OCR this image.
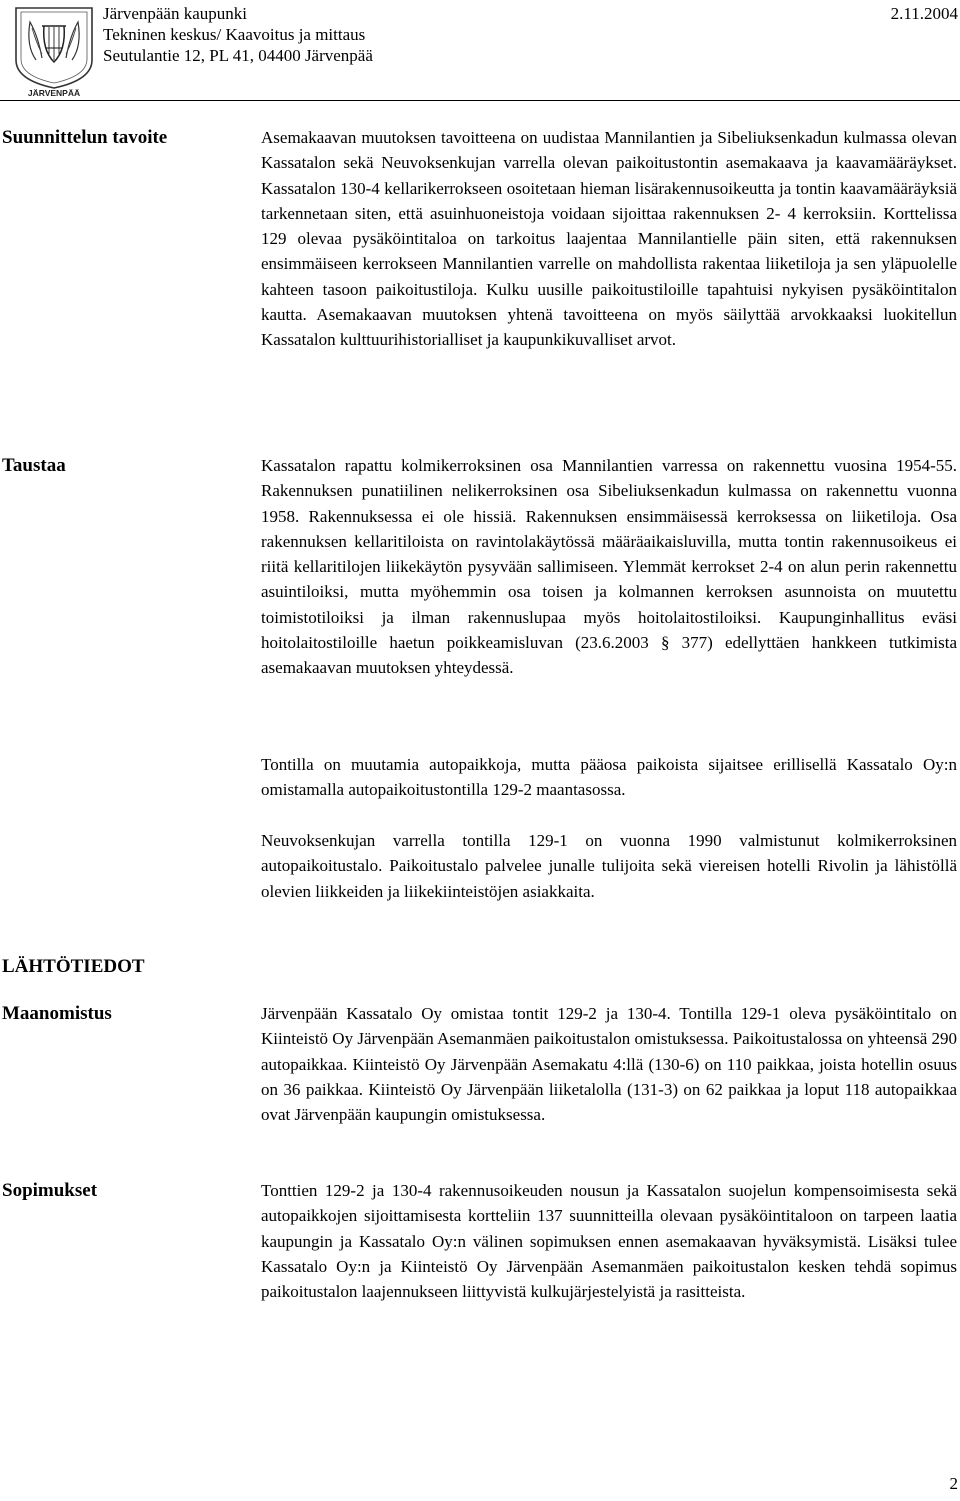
JÄRVENPÄÄ
Järvenpään kaupunki
Tekninen keskus/ Kaavoitus ja mittaus
Seutulantie 12, PL 41, 04400 Järvenpää
2.11.2004
Suunnittelun tavoite	Asemakaavan muutoksen tavoitteena on uudistaa Mannilantien ja Sibeliuksenkadun kulmassa olevan Kassatalon sekä Neuvoksenkujan varrella olevan paikoitustontin asemakaava ja kaavamääräykset. Kassatalon 130-4 kellarikerrokseen osoitetaan hieman lisärakennusoikeutta ja tontin kaavamääräyksiä tarkennetaan siten, että asuinhuoneistoja voidaan sijoittaa rakennuksen 2- 4 kerroksiin. Korttelissa 129 olevaa pysäköintitaloa on tarkoitus laajentaa Mannilantielle päin siten, että rakennuksen ensimmäiseen kerrokseen Mannilantien varrelle on mahdollista rakentaa liiketiloja ja sen yläpuolelle kahteen tasoon paikoitustiloja. Kulku uusille paikoitustiloille tapahtuisi nykyisen pysäköintitalon kautta. Asemakaavan muutoksen yhtenä tavoitteena on myös säilyttää arvokkaaksi luokitellun Kassatalon kulttuurihistorialliset ja kaupunkikuvalliset arvot.

Taustaa	Kassatalon rapattu kolmikerroksinen osa Mannilantien varressa on rakennettu vuosina 1954-55. Rakennuksen punatiilinen nelikerroksinen osa Sibeliuksenkadun kulmassa on rakennettu vuonna 1958. Rakennuksessa ei ole hissiä. Rakennuksen ensimmäisessä kerroksessa on liiketiloja. Osa rakennuksen kellaritiloista on ravintolakäytössä määräaikaisluvilla, mutta tontin rakennusoikeus ei riitä kellaritilojen liikekäytön pysyvään sallimiseen. Ylemmät kerrokset 2-4 on alun perin rakennettu asuintiloiksi, mutta myöhemmin osa toisen ja kolmannen kerroksen asunnoista on muutettu toimistotiloiksi ja ilman rakennuslupaa myös hoitolaitostiloiksi. Kaupunginhallitus eväsi hoitolaitostiloille haetun poikkeamisluvan (23.6.2003 § 377) edellyttäen hankkeen tutkimista asemakaavan muutoksen yhteydessä.

Tontilla on muutamia autopaikkoja, mutta pääosa paikoista sijaitsee erillisellä Kassatalo Oy:n omistamalla autopaikoitustontilla 129-2 maantasossa.

Neuvoksenkujan varrella tontilla 129-1 on vuonna 1990 valmistunut kolmikerroksinen autopaikoitustalo. Paikoitustalo palvelee junalle tulijoita sekä viereisen hotelli Rivolin ja lähistöllä olevien liikkeiden ja liikekiinteistöjen asiakkaita.

LÄHTÖTIEDOT
Maanomistus	Järvenpään Kassatalo Oy omistaa tontit 129-2 ja 130-4. Tontilla 129-1 oleva pysäköintitalo on Kiinteistö Oy Järvenpään Asemanmäen paikoitustalon omistuksessa. Paikoitustalossa on yhteensä 290 autopaikkaa. Kiinteistö Oy Järvenpään Asemakatu 4:llä (130-6) on 110 paikkaa, joista hotellin osuus on 36 paikkaa. Kiinteistö Oy Järvenpään liiketalolla (131-3) on 62 paikkaa ja loput 118 autopaikkaa ovat Järvenpään kaupungin omistuksessa.

Sopimukset	Tonttien 129-2 ja 130-4 rakennusoikeuden nousun ja Kassatalon suojelun kompensoimisesta sekä autopaikkojen sijoittamisesta kortteliin 137 suunnitteilla olevaan pysäköintitaloon on tarpeen laatia kaupungin ja Kassatalo Oy:n välinen sopimuksen ennen asemakaavan hyväksymistä. Lisäksi tulee Kassatalo Oy:n ja Kiinteistö Oy Järvenpään Asemanmäen paikoitustalon kesken tehdä sopimus paikoitustalon laajennukseen liittyvistä kulkujärjestelyistä ja rasitteista.

2
